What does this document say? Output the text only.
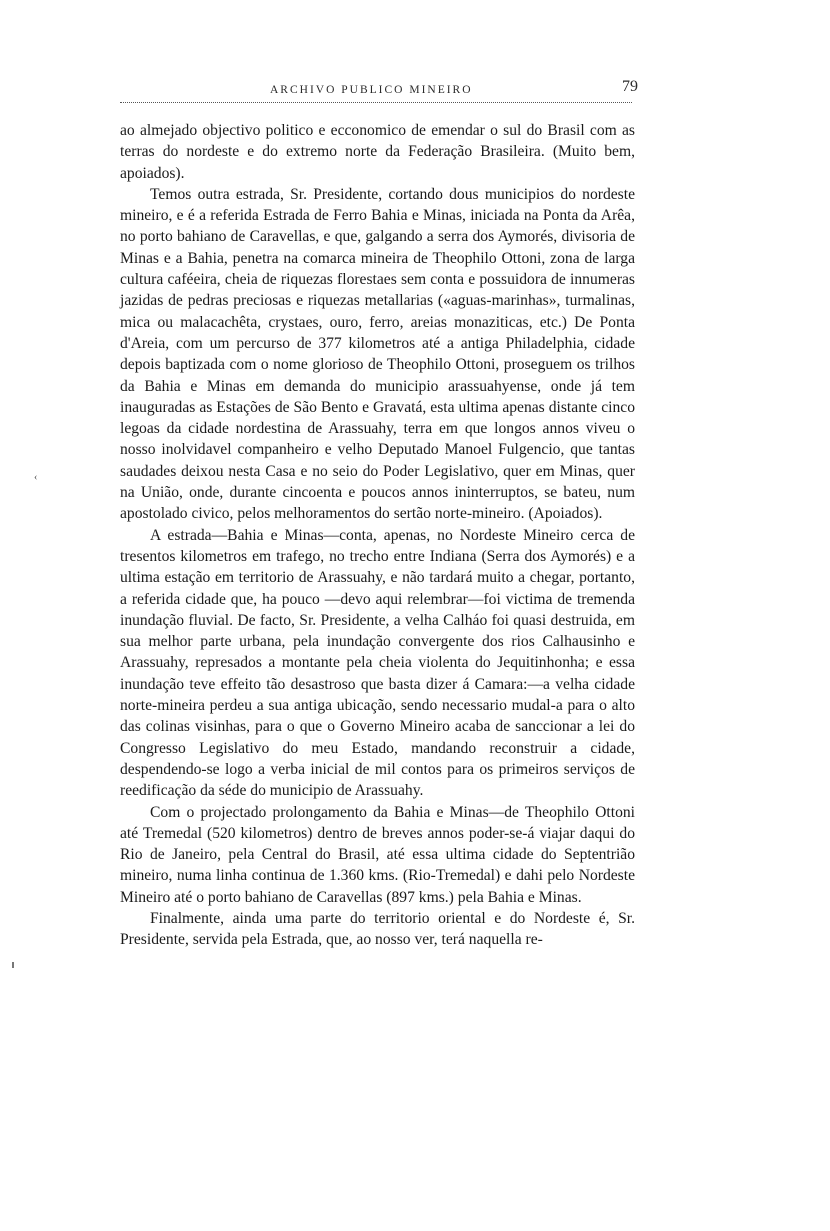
ARCHIVO PUBLICO MINEIRO	79
‹

ao almejado objectivo politico e ecconomico de emendar o sul do Brasil com as terras do nordeste e do extremo norte da Federação Brasileira. (Muito bem, apoiados).

Temos outra estrada, Sr. Presidente, cortando dous municipios do nordeste mineiro, e é a referida Estrada de Ferro Bahia e Minas, iniciada na Ponta da Arêa, no porto bahiano de Caravellas, e que, galgando a serra dos Aymorés, divisoria de Minas e a Bahia, penetra na comarca mineira de Theophilo Ottoni, zona de larga cultura caféeira, cheia de riquezas florestaes sem conta e possuidora de innumeras jazidas de pedras preciosas e riquezas metallarias («aguas-marinhas», turmalinas, mica ou malacachêta, crystaes, ouro, ferro, areias monaziticas, etc.) De Ponta d'Areia, com um percurso de 377 kilometros até a antiga Philadelphia, cidade depois baptizada com o nome glorioso de Theophilo Ottoni, proseguem os trilhos da Bahia e Minas em demanda do municipio arassuahyense, onde já tem inauguradas as Estações de São Bento e Gravatá, esta ultima apenas distante cinco legoas da cidade nordestina de Arassuahy, terra em que longos annos viveu o nosso inolvidavel companheiro e velho Deputado Manoel Fulgencio, que tantas saudades deixou nesta Casa e no seio do Poder Legislativo, quer em Minas, quer na União, onde, durante cincoenta e poucos annos ininterruptos, se bateu, num apostolado civico, pelos melhoramentos do sertão norte-mineiro. (Apoiados).

A estrada—Bahia e Minas—conta, apenas, no Nordeste Mineiro cerca de tresentos kilometros em trafego, no trecho entre Indiana (Serra dos Aymorés) e a ultima estação em territorio de Arassuahy, e não tardará muito a chegar, portanto, a referida cidade que, ha pouco —devo aqui relembrar—foi victima de tremenda inundação fluvial. De facto, Sr. Presidente, a velha Calháo foi quasi destruida, em sua melhor parte urbana, pela inundação convergente dos rios Calhausinho e Arassuahy, represados a montante pela cheia violenta do Jequitinhonha; e essa inundação teve effeito tão desastroso que basta dizer á Camara:—a velha cidade norte-mineira perdeu a sua antiga ubicação, sendo necessario mudal-a para o alto das colinas visinhas, para o que o Governo Mineiro acaba de sanccionar a lei do Congresso Legislativo do meu Estado, mandando reconstruir a cidade, despendendo-se logo a verba inicial de mil contos para os primeiros serviços de reedificação da séde do municipio de Arassuahy.

Com o projectado prolongamento da Bahia e Minas—de Theophilo Ottoni até Tremedal (520 kilometros) dentro de breves annos poder-se-á viajar daqui do Rio de Janeiro, pela Central do Brasil, até essa ultima cidade do Septentrião mineiro, numa linha continua de 1.360 kms. (Rio-Tremedal) e dahi pelo Nordeste Mineiro até o porto bahiano de Caravellas (897 kms.) pela Bahia e Minas.

Finalmente, ainda uma parte do territorio oriental e do Nordeste é, Sr. Presidente, servida pela Estrada, que, ao nosso ver, terá naquella re-
